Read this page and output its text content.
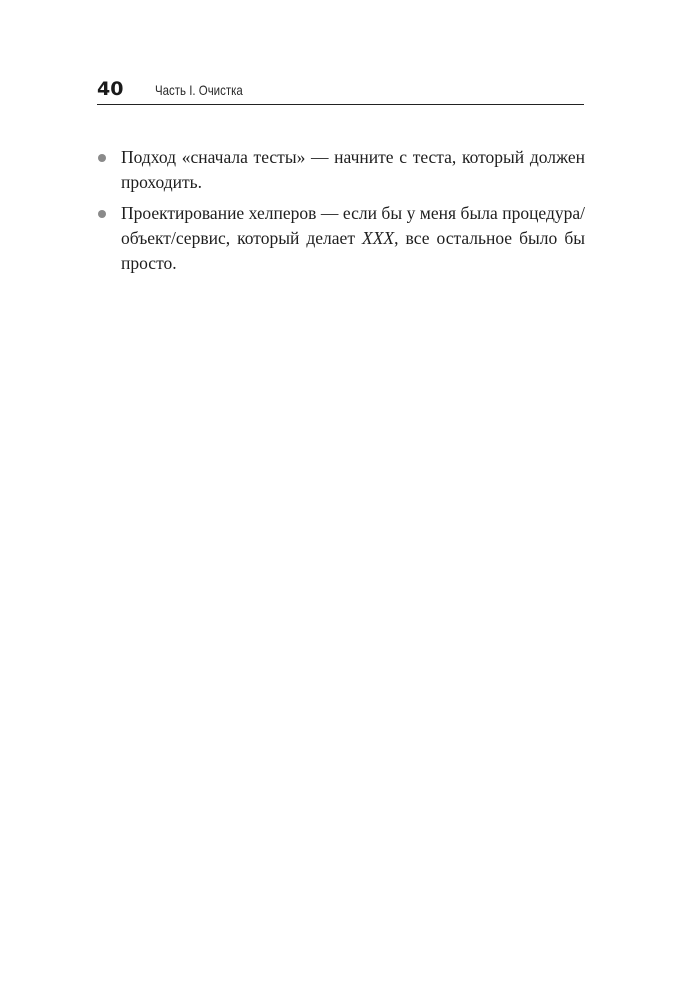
40 Часть I. Очистка
Подход «сначала тесты» — начните с теста, который должен проходить.
Проектирование хелперов — если бы у меня была процедура/объект/сервис, который делает XXX, все остальное было бы просто.
